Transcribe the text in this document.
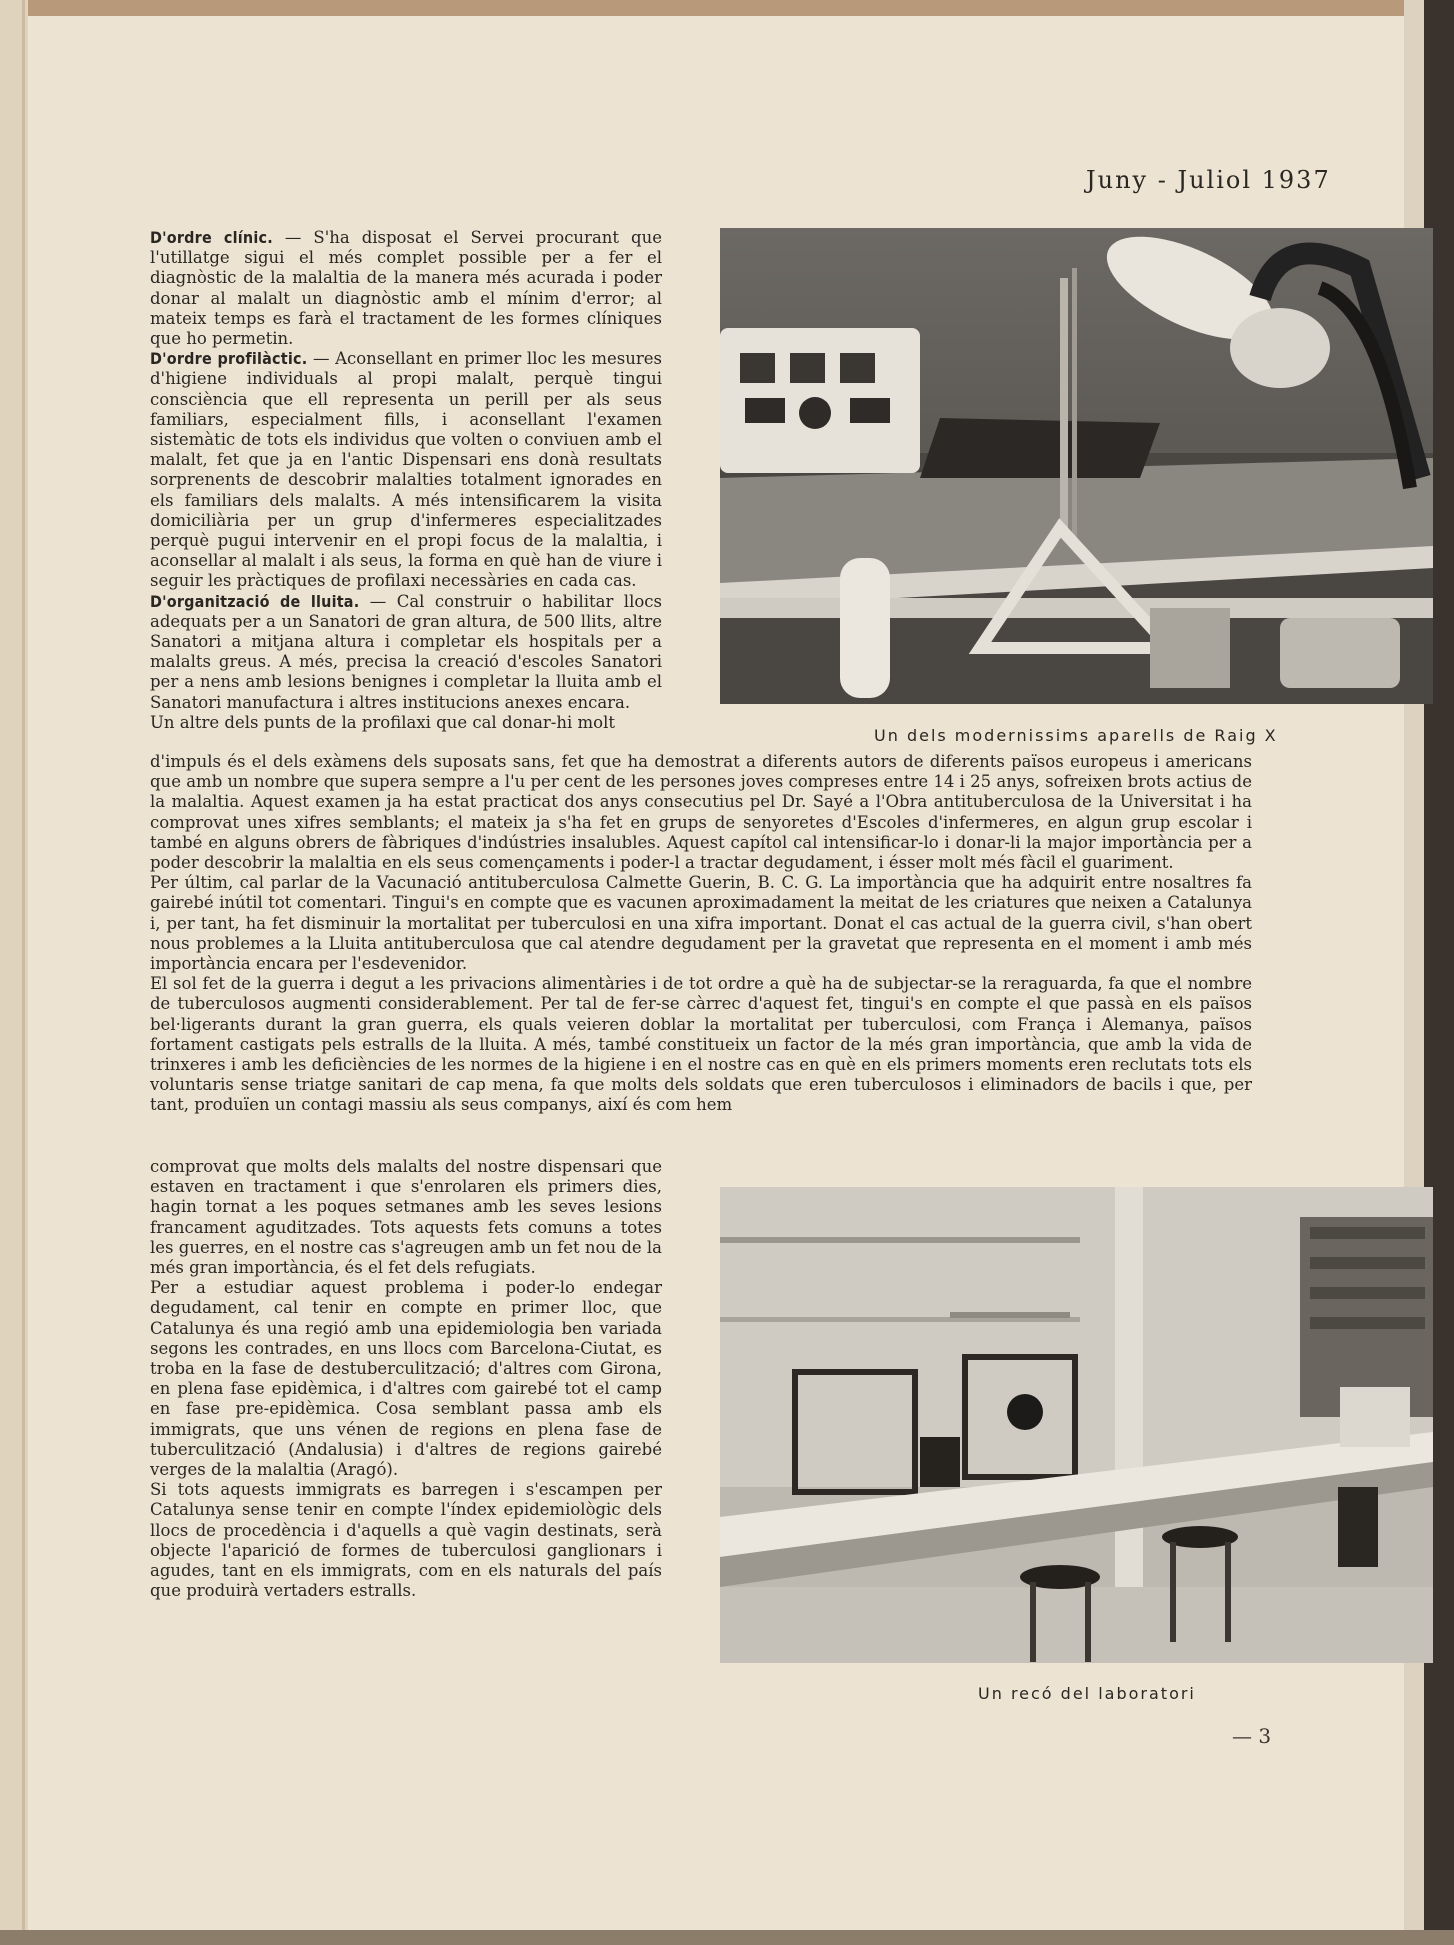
Juny - Juliol 1937

D'ordre clínic. — S'ha disposat el Servei procurant que l'utillatge sigui el més complet possible per a fer el diagnòstic de la malaltia de la manera més acurada i poder donar al malalt un diagnòstic amb el mínim d'error; al mateix temps es farà el tractament de les formes clíniques que ho permetin.

D'ordre profilàctic. — Aconsellant en primer lloc les mesures d'higiene individuals al propi malalt, perquè tingui consciència que ell representa un perill per als seus familiars, especialment fills, i aconsellant l'examen sistemàtic de tots els individus que volten o conviuen amb el malalt, fet que ja en l'antic Dispensari ens donà resultats sorprenents de descobrir malalties totalment ignorades en els familiars dels malalts. A més intensificarem la visita domiciliària per un grup d'infermeres especialitzades perquè pugui intervenir en el propi focus de la malaltia, i aconsellar al malalt i als seus, la forma en què han de viure i seguir les pràctiques de profilaxi necessàries en cada cas.

D'organització de lluita. — Cal construir o habilitar llocs adequats per a un Sanatori de gran altura, de 500 llits, altre Sanatori a mitjana altura i completar els hospitals per a malalts greus. A més, precisa la creació d'escoles Sanatori per a nens amb lesions benignes i completar la lluita amb el Sanatori manufactura i altres institucions anexes encara.

Un altre dels punts de la profilaxi que cal donar-hi molt

Un dels modernissims aparells de Raig X

d'impuls és el dels exàmens dels suposats sans, fet que ha demostrat a diferents autors de diferents països europeus i americans que amb un nombre que supera sempre a l'u per cent de les persones joves compreses entre 14 i 25 anys, sofreixen brots actius de la malaltia. Aquest examen ja ha estat practicat dos anys consecutius pel Dr. Sayé a l'Obra antituberculosa de la Universitat i ha comprovat unes xifres semblants; el mateix ja s'ha fet en grups de senyoretes d'Escoles d'infermeres, en algun grup escolar i també en alguns obrers de fàbriques d'indústries insalubles. Aquest capítol cal intensificar-lo i donar-li la major importància per a poder descobrir la malaltia en els seus començaments i poder-l a tractar degudament, i ésser molt més fàcil el guariment.

Per últim, cal parlar de la Vacunació antituberculosa Calmette Guerin, B. C. G. La importància que ha adquirit entre nosaltres fa gairebé inútil tot comentari. Tingui's en compte que es vacunen aproximadament la meitat de les criatures que neixen a Catalunya i, per tant, ha fet disminuir la mortalitat per tuberculosi en una xifra important. Donat el cas actual de la guerra civil, s'han obert nous problemes a la Lluita antituberculosa que cal atendre degudament per la gravetat que representa en el moment i amb més importància encara per l'esdevenidor.

El sol fet de la guerra i degut a les privacions alimentàries i de tot ordre a què ha de subjectar-se la reraguarda, fa que el nombre de tuberculosos augmenti considerablement. Per tal de fer-se càrrec d'aquest fet, tingui's en compte el que passà en els països bel·ligerants durant la gran guerra, els quals veieren doblar la mortalitat per tuberculosi, com França i Alemanya, països fortament castigats pels estralls de la lluita. A més, també constitueix un factor de la més gran importància, que amb la vida de trinxeres i amb les deficiències de les normes de la higiene i en el nostre cas en què en els primers moments eren reclutats tots els voluntaris sense triatge sanitari de cap mena, fa que molts dels soldats que eren tuberculosos i eliminadors de bacils i que, per tant, produïen un contagi massiu als seus companys, així és com hem

comprovat que molts dels malalts del nostre dispensari que estaven en tractament i que s'enrolaren els primers dies, hagin tornat a les poques setmanes amb les seves lesions francament aguditzades. Tots aquests fets comuns a totes les guerres, en el nostre cas s'agreugen amb un fet nou de la més gran importància, és el fet dels refugiats.

Per a estudiar aquest problema i poder-lo endegar degudament, cal tenir en compte en primer lloc, que Catalunya és una regió amb una epidemiologia ben variada segons les contrades, en uns llocs com Barcelona-Ciutat, es troba en la fase de destuberculització; d'altres com Girona, en plena fase epidèmica, i d'altres com gairebé tot el camp en fase pre-epidèmica. Cosa semblant passa amb els immigrats, que uns vénen de regions en plena fase de tuberculització (Andalusia) i d'altres de regions gairebé verges de la malaltia (Aragó).

Si tots aquests immigrats es barregen i s'escampen per Catalunya sense tenir en compte l'índex epidemiològic dels llocs de procedència i d'aquells a què vagin destinats, serà objecte l'aparició de formes de tuberculosi ganglionars i agudes, tant en els immigrats, com en els naturals del país que produirà vertaders estralls.

Un recó del laboratori
— 3
